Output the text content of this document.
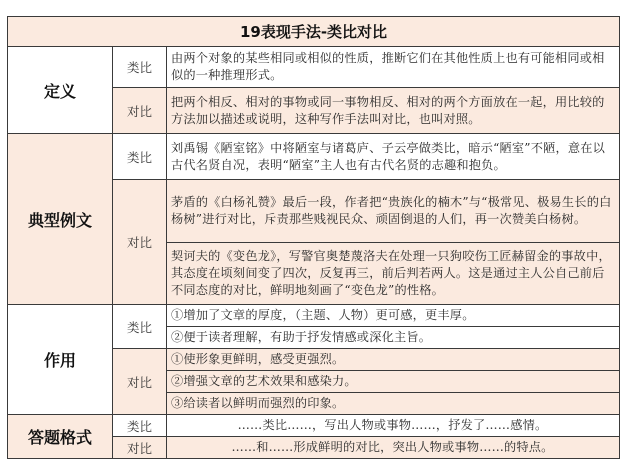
19表现手法-类比对比		
定义	类比	由两个对象的某些相同或相似的性质，推断它们在其他性质上也有可能相同或相似的一种推理形式。
	对比	把两个相反、相对的事物或同一事物相反、相对的两个方面放在一起，用比较的方法加以描述或说明，这种写作手法叫对比，也叫对照。
典型例文	类比	刘禹锡《陋室铭》中将陋室与诸葛庐、子云亭做类比，暗示“陋室”不陋，意在以古代名贤自况，表明“陋室”主人也有古代名贤的志趣和抱负。
	对比	茅盾的《白杨礼赞》最后一段，作者把“贵族化的楠木”与“极常见、极易生长的白杨树”进行对比，斥责那些贱视民众、顽固倒退的人们，再一次赞美白杨树。
		契诃夫的《变色龙》，写警官奥楚蔑洛夫在处理一只狗咬伤工匠赫留金的事故中，其态度在顷刻间变了四次，反复再三，前后判若两人。这是通过主人公自己前后不同态度的对比，鲜明地刻画了“变色龙”的性格。
作用	类比	①增加了文章的厚度，（主题、人物）更可感，更丰厚。
		②便于读者理解，有助于抒发情感或深化主旨。
	对比	①使形象更鲜明，感受更强烈。
		②增强文章的艺术效果和感染力。
		③给读者以鲜明而强烈的印象。
答题格式	类比	……类比……，写出人物或事物……，抒发了……感情。
	对比	……和……形成鲜明的对比，突出人物或事物……的特点。
